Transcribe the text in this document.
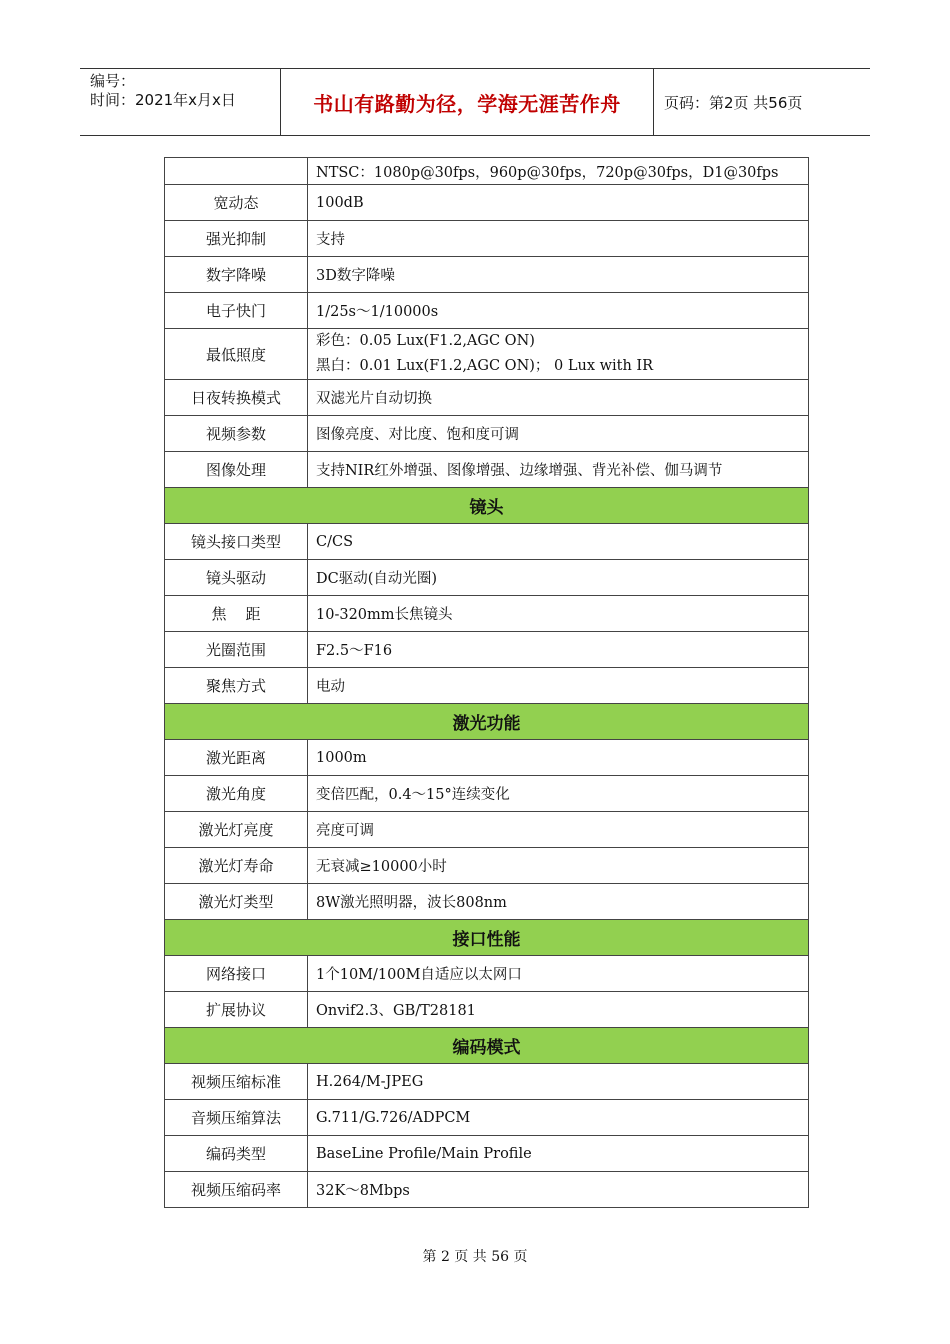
编号：
时间：2021年x月x日	书山有路勤为径，学海无涯苦作舟	页码：第2页 共56页
	NTSC：1080p@30fps，960p@30fps，720p@30fps，D1@30fps
宽动态	100dB
强光抑制	支持
数字降噪	3D数字降噪
电子快门	1/25s～1/10000s
最低照度	彩色：0.05 Lux(F1.2,AGC ON)
黑白：0.01 Lux(F1.2,AGC ON)； 0 Lux with IR

日夜转换模式	双滤光片自动切换
视频参数	图像亮度、对比度、饱和度可调
图像处理	支持NIR红外增强、图像增强、边缘增强、背光补偿、伽马调节
镜头	
镜头接口类型	C/CS
镜头驱动	DC驱动(自动光圈)
焦    距	10-320mm长焦镜头
光圈范围	F2.5～F16
聚焦方式	电动
激光功能	
激光距离	1000m
激光角度	变倍匹配，0.4～15°连续变化
激光灯亮度	亮度可调
激光灯寿命	无衰减≥10000小时
激光灯类型	8W激光照明器，波长808nm
接口性能	
网络接口	1个10M/100M自适应以太网口
扩展协议	Onvif2.3、GB/T28181
编码模式	
视频压缩标准	H.264/M-JPEG
音频压缩算法	G.711/G.726/ADPCM
编码类型	BaseLine Profile/Main Profile
视频压缩码率	32K～8Mbps
第 2 页 共 56 页
